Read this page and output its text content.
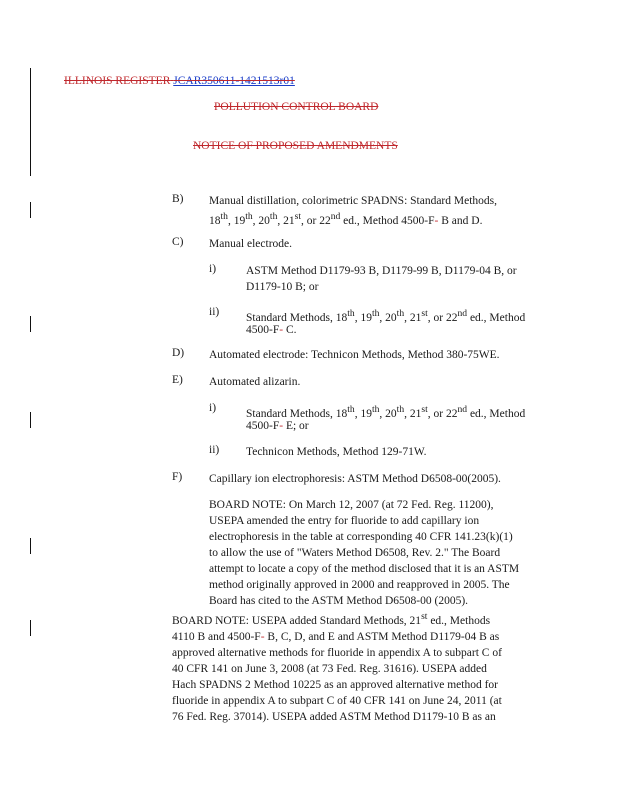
ILLINOIS REGISTER JCAR350611-1421513r01
POLLUTION CONTROL BOARD
NOTICE OF PROPOSED AMENDMENTS
B) Manual distillation, colorimetric SPADNS: Standard Methods,
18th, 19th, 20th, 21st, or 22nd ed., Method 4500-F- B and D.
C) Manual electrode.
i)	ASTM Method D1179-93 B, D1179-99 B, D1179-04 B, or
D1179-10 B; or
ii) Standard Methods, 18th, 19th, 20th, 21st, or 22nd ed., Method
4500-F- C.
D) Automated electrode: Technicon Methods, Method 380-75WE.
E) Automated alizarin.
i)	Standard Methods, 18th, 19th, 20th, 21st, or 22nd ed., Method
4500-F- E; or
ii) Technicon Methods, Method 129-71W.
F) Capillary ion electrophoresis: ASTM Method D6508-00(2005).
BOARD NOTE: On March 12, 2007 (at 72 Fed. Reg. 11200),
USEPA amended the entry for fluoride to add capillary ion
electrophoresis in the table at corresponding 40 CFR 141.23(k)(1)
to allow the use of "Waters Method D6508, Rev. 2." The Board
attempt to locate a copy of the method disclosed that it is an ASTM
method originally approved in 2000 and reapproved in 2005. The
Board has cited to the ASTM Method D6508-00 (2005).
BOARD NOTE: USEPA added Standard Methods, 21st ed., Methods
4110 B and 4500-F- B, C, D, and E and ASTM Method D1179-04 B as
approved alternative methods for fluoride in appendix A to subpart C of
40 CFR 141 on June 3, 2008 (at 73 Fed. Reg. 31616). USEPA added
Hach SPADNS 2 Method 10225 as an approved alternative method for
fluoride in appendix A to subpart C of 40 CFR 141 on June 24, 2011 (at
76 Fed. Reg. 37014). USEPA added ASTM Method D1179-10 B as an
